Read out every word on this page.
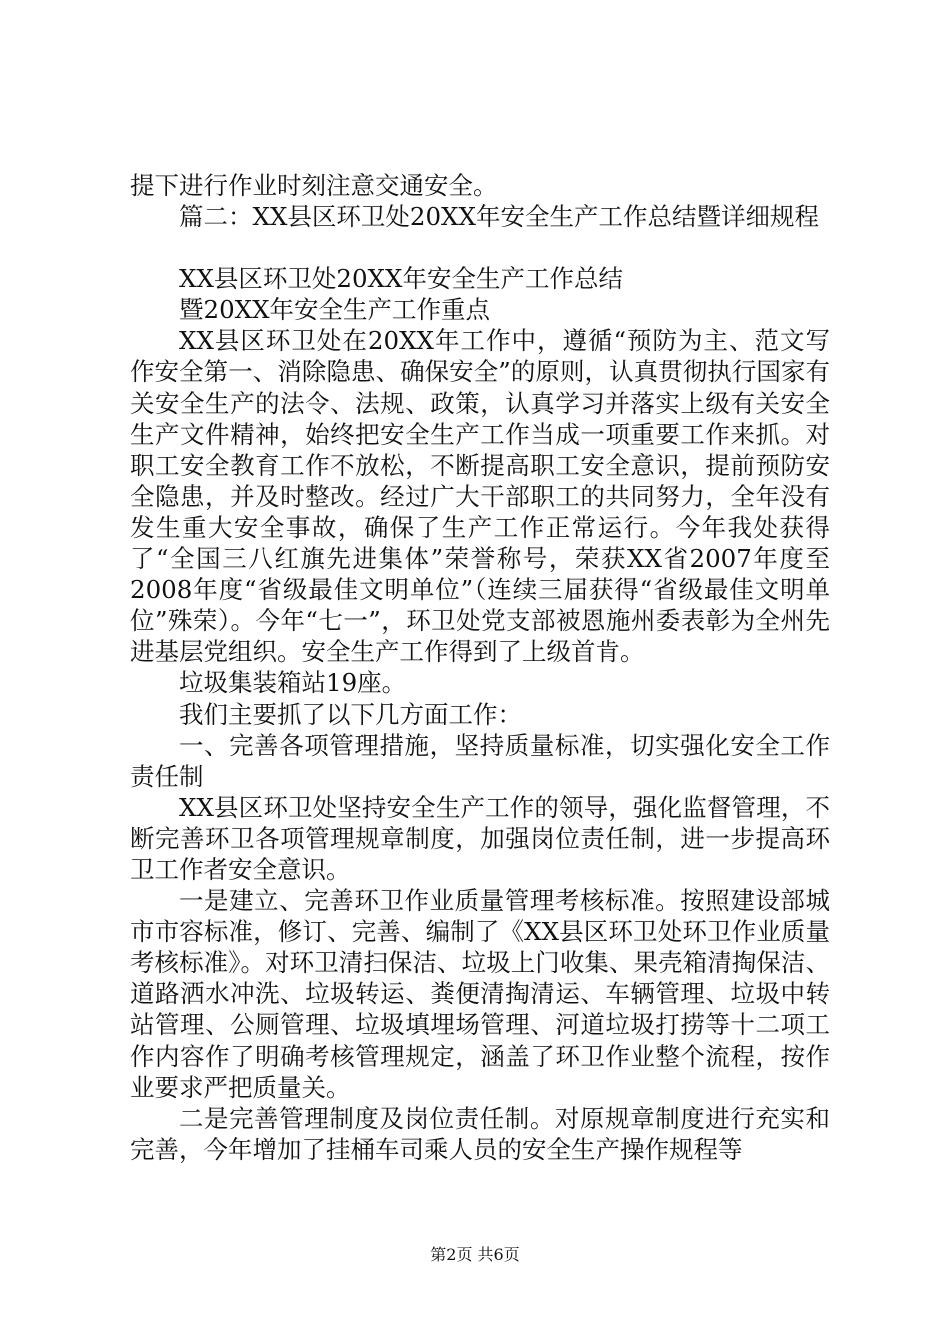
提下进行作业时刻注意交通安全。

篇二：XX县区环卫处20XX年安全生产工作总结暨详细规程

XX县区环卫处20XX年安全生产工作总结

暨20XX年安全生产工作重点

XX县区环卫处在20XX年工作中，遵循“预防为主、范文写作安全第一、消除隐患、确保安全”的原则，认真贯彻执行国家有关安全生产的法令、法规、政策，认真学习并落实上级有关安全生产文件精神，始终把安全生产工作当成一项重要工作来抓。对职工安全教育工作不放松，不断提高职工安全意识，提前预防安全隐患，并及时整改。经过广大干部职工的共同努力，全年没有发生重大安全事故，确保了生产工作正常运行。今年我处获得了“全国三八红旗先进集体”荣誉称号，荣获XX省2007年度至2008年度“省级最佳文明单位”（连续三届获得“省级最佳文明单位”殊荣）。今年“七一”，环卫处党支部被恩施州委表彰为全州先进基层党组织。安全生产工作得到了上级首肯。

垃圾集装箱站19座。

我们主要抓了以下几方面工作：

一、完善各项管理措施，坚持质量标准，切实强化安全工作责任制

XX县区环卫处坚持安全生产工作的领导，强化监督管理，不断完善环卫各项管理规章制度，加强岗位责任制，进一步提高环卫工作者安全意识。

一是建立、完善环卫作业质量管理考核标准。按照建设部城市市容标准，修订、完善、编制了《XX县区环卫处环卫作业质量考核标准》。对环卫清扫保洁、垃圾上门收集、果壳箱清掏保洁、道路洒水冲洗、垃圾转运、粪便清掏清运、车辆管理、垃圾中转站管理、公厕管理、垃圾填埋场管理、河道垃圾打捞等十二项工作内容作了明确考核管理规定，涵盖了环卫作业整个流程，按作业要求严把质量关。

二是完善管理制度及岗位责任制。对原规章制度进行充实和完善，今年增加了挂桶车司乘人员的安全生产操作规程等

第2页 共6页
